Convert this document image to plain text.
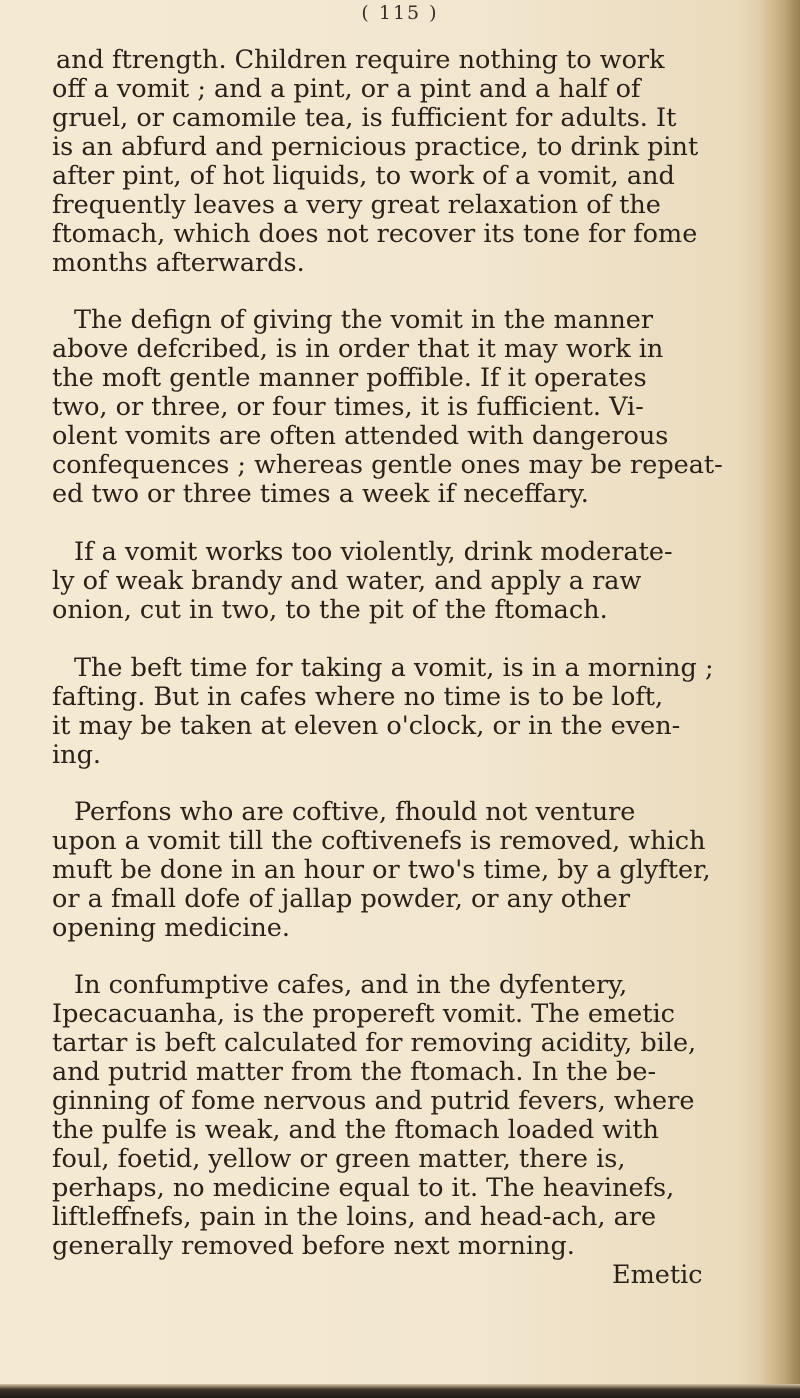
( 115 )
and ftrength. Children require nothing to work
off a vomit ; and a pint, or a pint and a half of
gruel, or camomile tea, is fufficient for adults. It
is an abfurd and pernicious practice, to drink pint
after pint, of hot liquids, to work of a vomit, and
frequently leaves a very great relaxation of the
ftomach, which does not recover its tone for fome
months afterwards.
The defign of giving the vomit in the manner
above defcribed, is in order that it may work in
the moft gentle manner poffible. If it operates
two, or three, or four times, it is fufficient. Vi-
olent vomits are often attended with dangerous
confequences ; whereas gentle ones may be repeat-
ed two or three times a week if neceffary.
If a vomit works too violently, drink moderate-
ly of weak brandy and water, and apply a raw
onion, cut in two, to the pit of the ftomach.
The beft time for taking a vomit, is in a morning ;
fafting. But in cafes where no time is to be loft,
it may be taken at eleven o'clock, or in the even-
ing.
Perfons who are coftive, fhould not venture
upon a vomit till the coftivenefs is removed, which
muft be done in an hour or two's time, by a glyfter,
or a fmall dofe of jallap powder, or any other
opening medicine.
In confumptive cafes, and in the dyfentery,
Ipecacuanha, is the propereft vomit. The emetic
tartar is beft calculated for removing acidity, bile,
and putrid matter from the ftomach. In the be-
ginning of fome nervous and putrid fevers, where
the pulfe is weak, and the ftomach loaded with
foul, foetid, yellow or green matter, there is,
perhaps, no medicine equal to it. The heavinefs,
liftleffnefs, pain in the loins, and head-ach, are
generally removed before next morning.
Emetic
